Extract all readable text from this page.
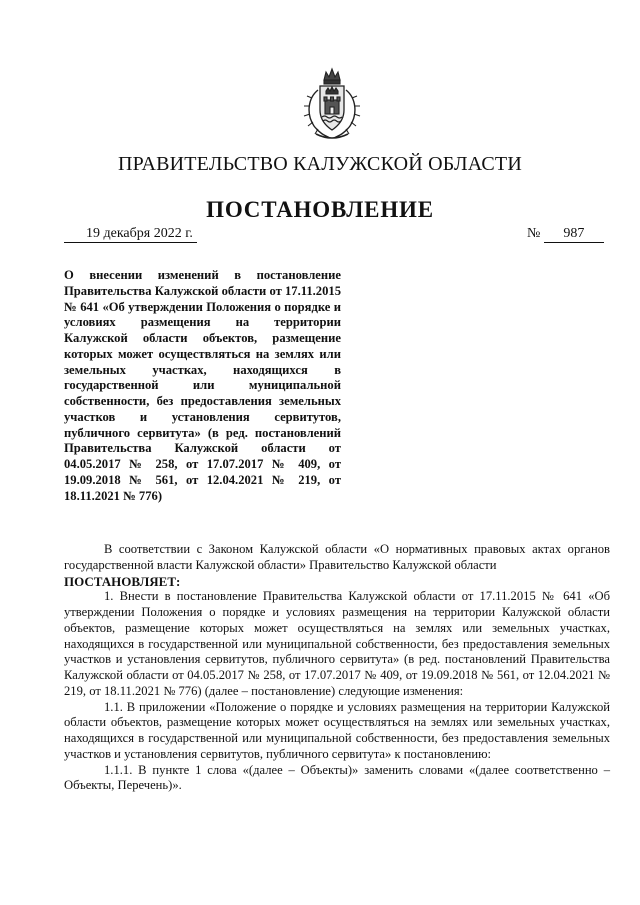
ПРАВИТЕЛЬСТВО КАЛУЖСКОЙ ОБЛАСТИ
ПОСТАНОВЛЕНИЕ
19 декабря 2022 г.	№ 987
О внесении изменений в постановление Правительства Калужской области от 17.11.2015 № 641 «Об утверждении Положения о порядке и условиях размещения на территории Калужской области объектов, размещение которых может осуществляться на землях или земельных участках, находящихся в государственной или муниципальной собственности, без предоставления земельных участков и установления сервитутов, публичного сервитута» (в ред. постановлений Правительства Калужской области от 04.05.2017 № 258, от 17.07.2017 № 409, от 19.09.2018 № 561, от 12.04.2021 № 219, от 18.11.2021 № 776)

В соответствии с Законом Калужской области «О нормативных правовых актах органов государственной власти Калужской области» Правительство Калужской области

ПОСТАНОВЛЯЕТ:

1. Внести в постановление Правительства Калужской области от 17.11.2015 № 641 «Об утверждении Положения о порядке и условиях размещения на территории Калужской области объектов, размещение которых может осуществляться на землях или земельных участках, находящихся в государственной или муниципальной собственности, без предоставления земельных участков и установления сервитутов, публичного сервитута» (в ред. постановлений Правительства Калужской области от 04.05.2017 № 258, от 17.07.2017 № 409, от 19.09.2018 № 561, от 12.04.2021 № 219, от 18.11.2021 № 776) (далее – постановление) следующие изменения:

1.1. В приложении «Положение о порядке и условиях размещения на территории Калужской области объектов, размещение которых может осуществляться на землях или земельных участках, находящихся в государственной или муниципальной собственности, без предоставления земельных участков и установления сервитутов, публичного сервитута» к постановлению:

1.1.1. В пункте 1 слова «(далее – Объекты)» заменить словами «(далее соответственно – Объекты, Перечень)».
